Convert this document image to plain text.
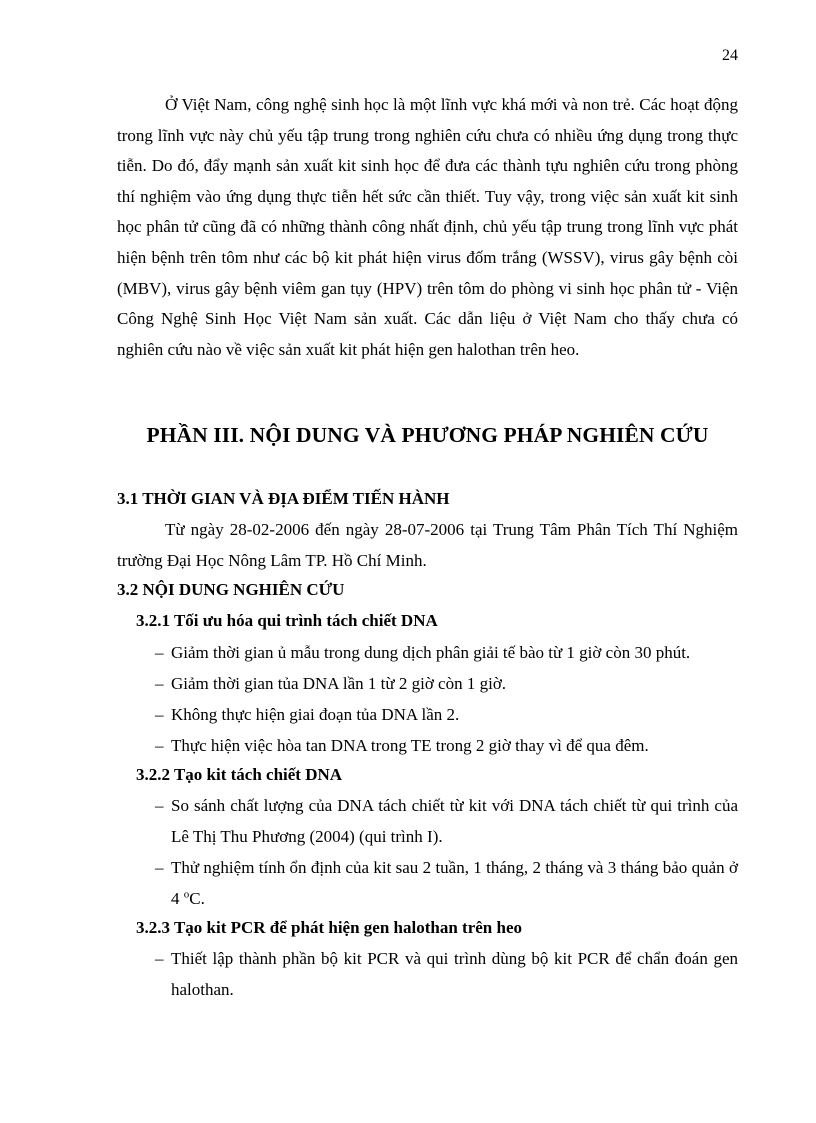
24

Ở Việt Nam, công nghệ sinh học là một lĩnh vực khá mới và non trẻ. Các hoạt động trong lĩnh vực này chủ yếu tập trung trong nghiên cứu chưa có nhiều ứng dụng trong thực tiễn. Do đó, đẩy mạnh sản xuất kit sinh học để đưa các thành tựu nghiên cứu trong phòng thí nghiệm vào ứng dụng thực tiễn hết sức cần thiết. Tuy vậy, trong việc sản xuất kit sinh học phân tử cũng đã có những thành công nhất định, chủ yếu tập trung trong lĩnh vực phát hiện bệnh trên tôm như các bộ kit phát hiện virus đốm trắng (WSSV), virus gây bệnh còi (MBV), virus gây bệnh viêm gan tụy (HPV) trên tôm do phòng vi sinh học phân tử - Viện Công Nghệ Sinh Học Việt Nam sản xuất. Các dẫn liệu ở Việt Nam cho thấy chưa có nghiên cứu nào về việc sản xuất kit phát hiện gen halothan trên heo.

PHẦN III. NỘI DUNG VÀ PHƯƠNG PHÁP NGHIÊN CỨU
3.1 THỜI GIAN VÀ ĐỊA ĐIỂM TIẾN HÀNH

Từ ngày 28-02-2006 đến ngày 28-07-2006 tại Trung Tâm Phân Tích Thí Nghiệm trường Đại Học Nông Lâm TP. Hồ Chí Minh.

3.2 NỘI DUNG NGHIÊN CỨU
3.2.1 Tối ưu hóa qui trình tách chiết DNA
– Giảm thời gian ủ mẫu trong dung dịch phân giải tế bào từ 1 giờ còn 30 phút.
– Giảm thời gian tủa DNA lần 1 từ 2 giờ còn 1 giờ.
– Không thực hiện giai đoạn tủa DNA lần 2.
– Thực hiện việc hòa tan DNA trong TE trong 2 giờ thay vì để qua đêm.
3.2.2 Tạo kit tách chiết DNA
– So sánh chất lượng của DNA tách chiết từ kit với DNA tách chiết từ qui trình của Lê Thị Thu Phương (2004) (qui trình I).
– Thử nghiệm tính ổn định của kit sau 2 tuần, 1 tháng, 2 tháng và 3 tháng bảo quản ở 4 $^o$C.
3.2.3 Tạo kit PCR để phát hiện gen halothan trên heo
– Thiết lập thành phần bộ kit PCR và qui trình dùng bộ kit PCR để chẩn đoán gen halothan.
